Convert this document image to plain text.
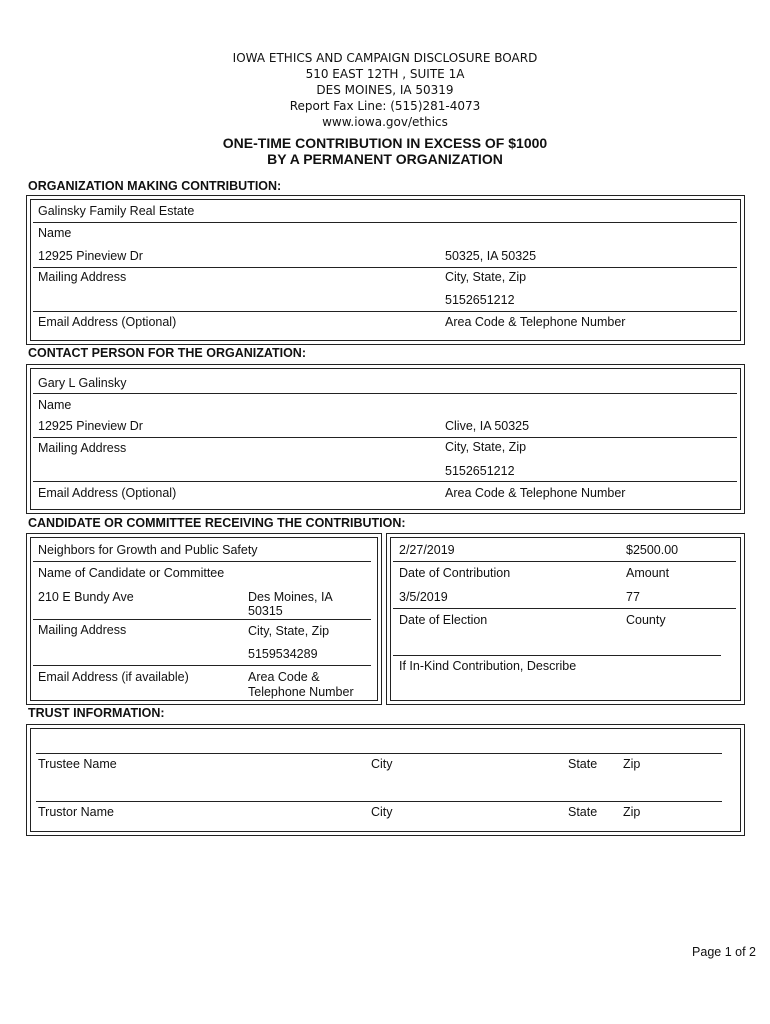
IOWA ETHICS AND CAMPAIGN DISCLOSURE BOARD
510 EAST 12TH , SUITE 1A
DES MOINES, IA 50319
Report Fax Line: (515)281-4073
www.iowa.gov/ethics
ONE-TIME CONTRIBUTION IN EXCESS OF $1000
BY A PERMANENT ORGANIZATION
ORGANIZATION MAKING CONTRIBUTION:
Galinsky Family Real Estate
Name
12925 Pineview Dr	50325, IA 50325
Mailing Address	City, State, Zip
5152651212
Email Address (Optional)	Area Code & Telephone Number
CONTACT PERSON FOR THE ORGANIZATION:
Gary L Galinsky
Name
12925 Pineview Dr	Clive, IA 50325
Mailing Address	City, State, Zip
5152651212
Email Address (Optional)	Area Code & Telephone Number
CANDIDATE OR COMMITTEE RECEIVING THE CONTRIBUTION:
Neighbors for Growth and Public Safety
Name of Candidate or Committee
210 E Bundy Ave	Des Moines, IA
50315
Mailing Address	City, State, Zip
5159534289
Email Address (if available)	Area Code &
Telephone Number
2/27/2019	$2500.00
Date of Contribution	Amount
3/5/2019	77
Date of Election	County
If In-Kind Contribution, Describe
TRUST INFORMATION:
Trustee Name	City	State Zip
Trustor Name	City	State Zip
Page 1 of 2
